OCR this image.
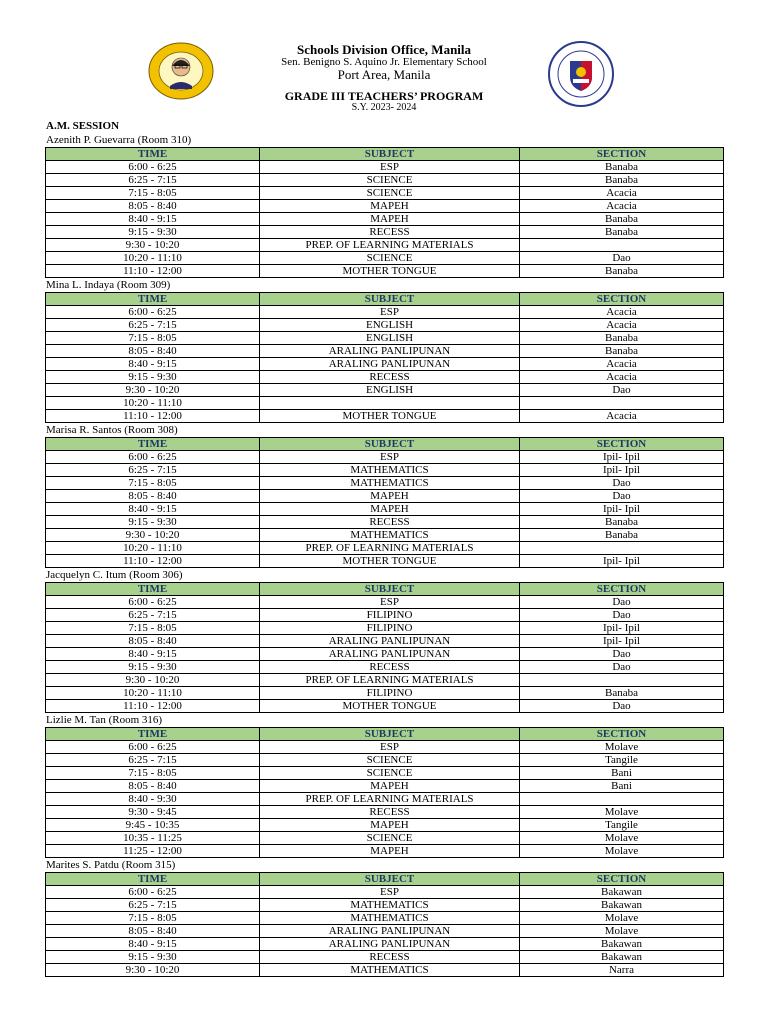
Schools Division Office, Manila
Sen. Benigno S. Aquino Jr. Elementary School
Port Area, Manila
GRADE III TEACHERS’ PROGRAM
S.Y. 2023- 2024
A.M. SESSION
Azenith P. Guevarra (Room 310)
TIME	SUBJECT	SECTION
6:00 - 6:25	ESP	Banaba
6:25 - 7:15	SCIENCE	Banaba
7:15 - 8:05	SCIENCE	Acacia
8:05 - 8:40	MAPEH	Acacia
8:40 - 9:15	MAPEH	Banaba
9:15 - 9:30	RECESS	Banaba
9:30 - 10:20	PREP. OF LEARNING MATERIALS	
10:20 - 11:10	SCIENCE	Dao
11:10 - 12:00	MOTHER TONGUE	Banaba
Mina L. Indaya (Room 309)
TIME	SUBJECT	SECTION
6:00 - 6:25	ESP	Acacia
6:25 - 7:15	ENGLISH	Acacia
7:15 - 8:05	ENGLISH	Banaba
8:05 - 8:40	ARALING PANLIPUNAN	Banaba
8:40 - 9:15	ARALING PANLIPUNAN	Acacia
9:15 - 9:30	RECESS	Acacia
9:30 - 10:20	ENGLISH	Dao
10:20 - 11:10		
11:10 - 12:00	MOTHER TONGUE	Acacia
Marisa R. Santos (Room 308)
TIME	SUBJECT	SECTION
6:00 - 6:25	ESP	Ipil- Ipil
6:25 - 7:15	MATHEMATICS	Ipil- Ipil
7:15 - 8:05	MATHEMATICS	Dao
8:05 - 8:40	MAPEH	Dao
8:40 - 9:15	MAPEH	Ipil- Ipil
9:15 - 9:30	RECESS	Banaba
9:30 - 10:20	MATHEMATICS	Banaba
10:20 - 11:10	PREP. OF LEARNING MATERIALS	
11:10 - 12:00	MOTHER TONGUE	Ipil- Ipil
Jacquelyn C. Itum (Room 306)
TIME	SUBJECT	SECTION
6:00 - 6:25	ESP	Dao
6:25 - 7:15	FILIPINO	Dao
7:15 - 8:05	FILIPINO	Ipil- Ipil
8:05 - 8:40	ARALING PANLIPUNAN	Ipil- Ipil
8:40 - 9:15	ARALING PANLIPUNAN	Dao
9:15 - 9:30	RECESS	Dao
9:30 - 10:20	PREP. OF LEARNING MATERIALS	
10:20 - 11:10	FILIPINO	Banaba
11:10 - 12:00	MOTHER TONGUE	Dao
Lizlie M. Tan (Room 316)
TIME	SUBJECT	SECTION
6:00 - 6:25	ESP	Molave
6:25 - 7:15	SCIENCE	Tangile
7:15 - 8:05	SCIENCE	Bani
8:05 - 8:40	MAPEH	Bani
8:40 - 9:30	PREP. OF LEARNING MATERIALS	
9:30 - 9:45	RECESS	Molave
9:45 - 10:35	MAPEH	Tangile
10:35 - 11:25	SCIENCE	Molave
11:25 - 12:00	MAPEH	Molave
Marites S. Patdu (Room 315)
TIME	SUBJECT	SECTION
6:00 - 6:25	ESP	Bakawan
6:25 - 7:15	MATHEMATICS	Bakawan
7:15 - 8:05	MATHEMATICS	Molave
8:05 - 8:40	ARALING PANLIPUNAN	Molave
8:40 - 9:15	ARALING PANLIPUNAN	Bakawan
9:15 - 9:30	RECESS	Bakawan
9:30 - 10:20	MATHEMATICS	Narra
